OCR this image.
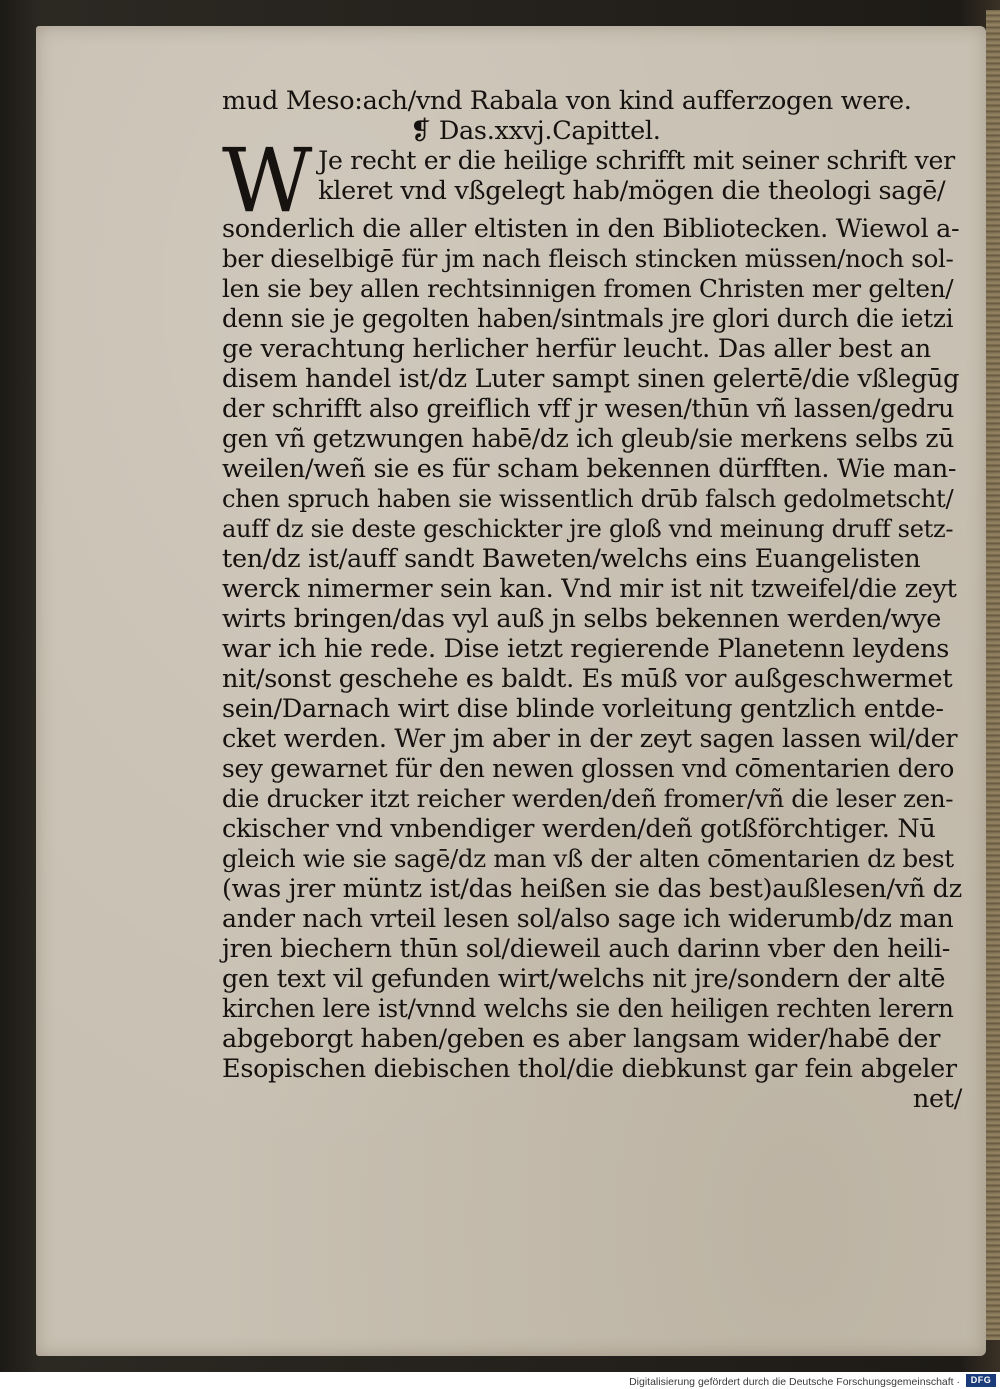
mud Meso:ach/vnd Rabala von kind aufferzogen were.
❡ Das.xxvj.Capittel.
W Je recht er die heilige schrifft mit seiner schrift ver
kleret vnd vßgelegt hab/mögen die theologi sagē/
sonderlich die aller eltisten in den Bibliotecken. Wiewol a-
ber dieselbigē für jm nach fleisch stincken müssen/noch sol-
len sie bey allen rechtsinnigen fromen Christen mer gelten/
denn sie je gegolten haben/sintmals jre glori durch die ietzi
ge verachtung herlicher herfür leucht. Das aller best an
disem handel ist/dz Luter sampt sinen gelertē/die vßlegūg
der schrifft also greiflich vff jr wesen/thūn vñ lassen/gedru
gen vñ getzwungen habē/dz ich gleub/sie merkens selbs zū
weilen/weñ sie es für scham bekennen dürfften. Wie man-
chen spruch haben sie wissentlich drūb falsch gedolmetscht/
auff dz sie deste geschickter jre gloß vnd meinung druff setz-
ten/dz ist/auff sandt Baweten/welchs eins Euangelisten
werck nimermer sein kan. Vnd mir ist nit tzweifel/die zeyt
wirts bringen/das vyl auß jn selbs bekennen werden/wye
war ich hie rede. Dise ietzt regierende Planetenn leydens
nit/sonst geschehe es baldt. Es mūß vor außgeschwermet
sein/Darnach wirt dise blinde vorleitung gentzlich entde-
cket werden. Wer jm aber in der zeyt sagen lassen wil/der
sey gewarnet für den newen glossen vnd cōmentarien dero
die drucker itzt reicher werden/deñ fromer/vñ die leser zen-
ckischer vnd vnbendiger werden/deñ gotßförchtiger. Nū
gleich wie sie sagē/dz man vß der alten cōmentarien dz best
(was jrer müntz ist/das heißen sie das best)außlesen/vñ dz
ander nach vrteil lesen sol/also sage ich widerumb/dz man
jren biechern thūn sol/dieweil auch darinn vber den heili-
gen text vil gefunden wirt/welchs nit jre/sondern der altē
kirchen lere ist/vnnd welchs sie den heiligen rechten lerern
abgeborgt haben/geben es aber langsam wider/habē der
Esopischen diebischen thol/die diebkunst gar fein abgeler
net/
Digitalisierung gefördert durch die Deutsche Forschungsgemeinschaft ·	DFG
